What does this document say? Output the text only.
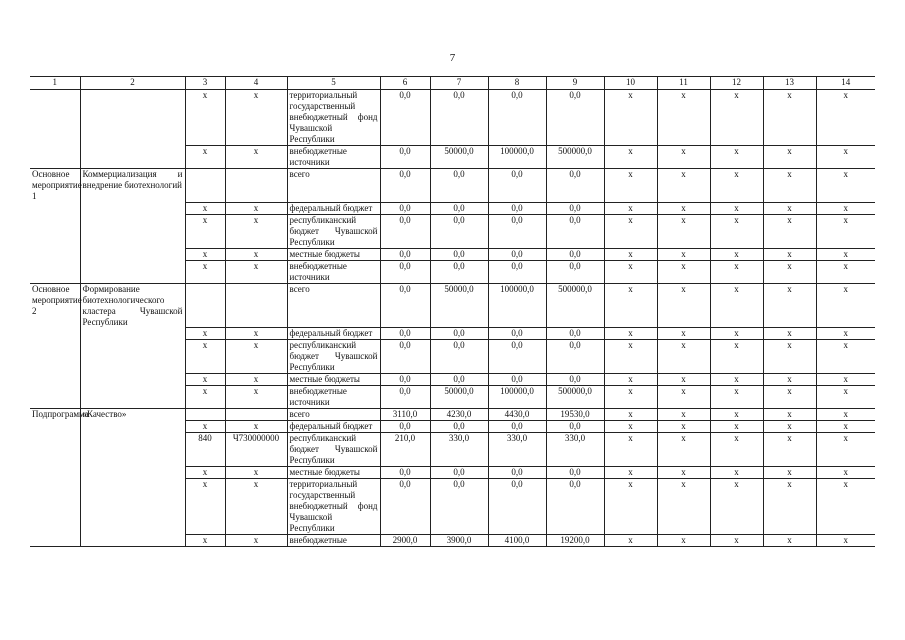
7
1	2	3	4	5	6	7	8	9	10	11	12	13	14
		x	x	территориальный государственный внебюджетный фонд Чувашской Республики	0,0	0,0	0,0	0,0	x	x	x	x	x
		x	x	внебюджетные источники	0,0	50000,0	100000,0	500000,0	x	x	x	x	x
Основное мероприятие 1	Коммерциализация и внедрение биотехнологий			всего	0,0	0,0	0,0	0,0	x	x	x	x	x
		x	x	федеральный бюджет	0,0	0,0	0,0	0,0	x	x	x	x	x
		x	x	республиканский бюджет Чувашской Республики	0,0	0,0	0,0	0,0	x	x	x	x	x
		x	x	местные бюджеты	0,0	0,0	0,0	0,0	x	x	x	x	x
		x	x	внебюджетные источники	0,0	0,0	0,0	0,0	x	x	x	x	x
Основное мероприятие 2	Формирование биотехнологического кластера Чувашской Республики			всего	0,0	50000,0	100000,0	500000,0	x	x	x	x	x
		x	x	федеральный бюджет	0,0	0,0	0,0	0,0	x	x	x	x	x
		x	x	республиканский бюджет Чувашской Республики	0,0	0,0	0,0	0,0	x	x	x	x	x
		x	x	местные бюджеты	0,0	0,0	0,0	0,0	x	x	x	x	x
		x	x	внебюджетные источники	0,0	50000,0	100000,0	500000,0	x	x	x	x	x
Подпрограмма	«Качество»			всего	3110,0	4230,0	4430,0	19530,0	x	x	x	x	x
		x	x	федеральный бюджет	0,0	0,0	0,0	0,0	x	x	x	x	x
		840	Ч730000000	республиканский бюджет Чувашской Республики	210,0	330,0	330,0	330,0	x	x	x	x	x
		x	x	местные бюджеты	0,0	0,0	0,0	0,0	x	x	x	x	x
		x	x	территориальный государственный внебюджетный фонд Чувашской Республики	0,0	0,0	0,0	0,0	x	x	x	x	x
		x	x	внебюджетные	2900,0	3900,0	4100,0	19200,0	x	x	x	x	x
